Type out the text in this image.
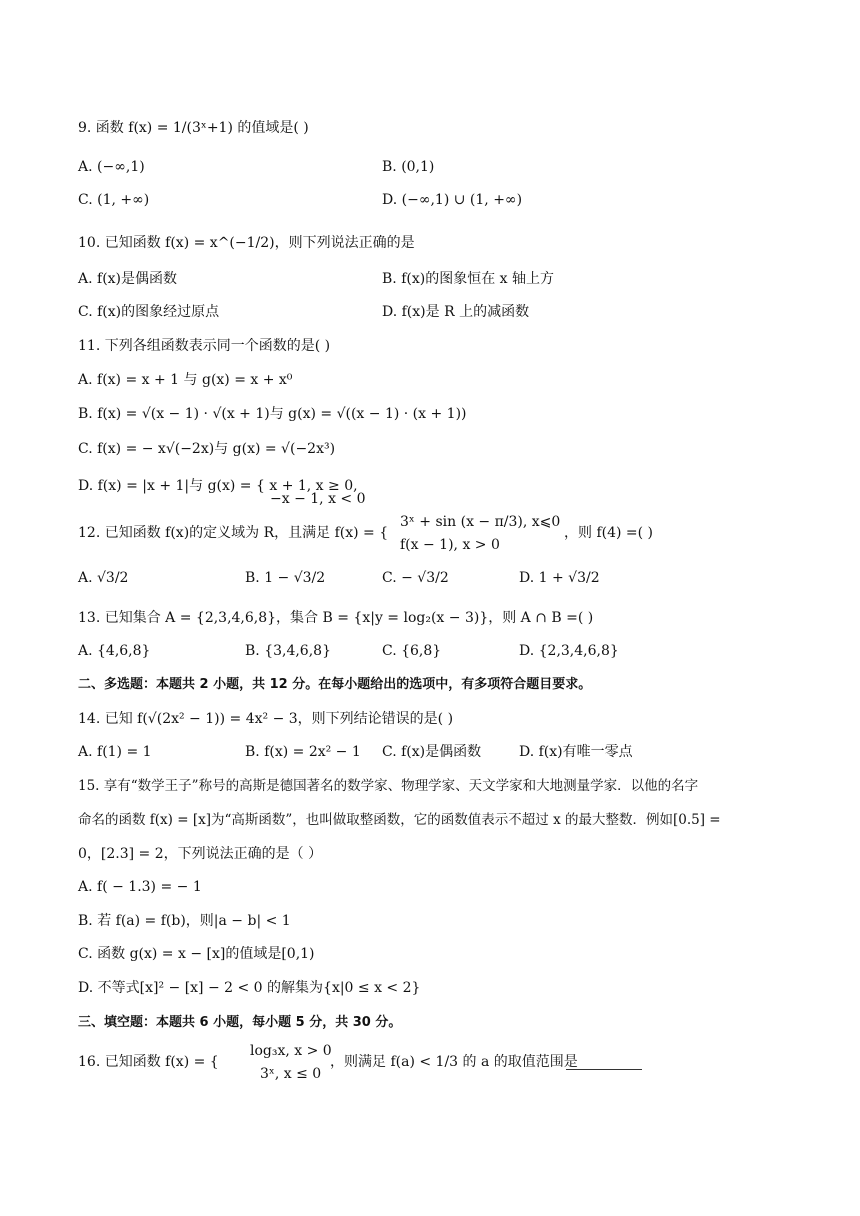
9. 函数 f(x) = 1/(3ˣ+1) 的值域是( )
A. (−∞,1)	B. (0,1)
C. (1, +∞)	D. (−∞,1) ∪ (1, +∞)
10. 已知函数 f(x) = x^(−1/2)，则下列说法正确的是
A. f(x)是偶函数	B. f(x)的图象恒在 x 轴上方
C. f(x)的图象经过原点	D. f(x)是 R 上的减函数
11. 下列各组函数表示同一个函数的是( )
A. f(x) = x + 1 与 g(x) = x + x⁰
B. f(x) = √(x − 1) · √(x + 1)与 g(x) = √((x − 1) · (x + 1))
C. f(x) = − x√(−2x)与 g(x) = √(−2x³)
D. f(x) = |x + 1|与 g(x) = { x + 1, x ≥ 0,
−x − 1, x < 0
3ˣ + sin (x − π/3), x⩽0
12. 已知函数 f(x)的定义域为 R，且满足 f(x) = {	，则 f(4) =( )
f(x − 1), x > 0
A. √3/2	B. 1 − √3/2	C. − √3/2	D. 1 + √3/2
13. 已知集合 A = {2,3,4,6,8}，集合 B = {x|y = log₂(x − 3)}，则 A ∩ B =( )
A. {4,6,8}	B. {3,4,6,8}	C. {6,8}	D. {2,3,4,6,8}
二、多选题：本题共 2 小题，共 12 分。在每小题给出的选项中，有多项符合题目要求。
14. 已知 f(√(2x² − 1)) = 4x² − 3，则下列结论错误的是( )
A. f(1) = 1	B. f(x) = 2x² − 1 C. f(x)是偶函数	D. f(x)有唯一零点
15. 享有“数学王子”称号的高斯是德国著名的数学家、物理学家、天文学家和大地测量学家．以他的名字
命名的函数 f(x) = [x]为“高斯函数”，也叫做取整函数，它的函数值表示不超过 x 的最大整数．例如[0.5] =
0，[2.3] = 2，下列说法正确的是（ ）
A. f( − 1.3) = − 1
B. 若 f(a) = f(b)，则|a − b| < 1
C. 函数 g(x) = x − [x]的值域是[0,1)
D. 不等式[x]² − [x] − 2 < 0 的解集为{x|0 ≤ x < 2}
三、填空题：本题共 6 小题，每小题 5 分，共 30 分。
log₃x, x > 0
16. 已知函数 f(x) = {	，则满足 f(a) < 1/3 的 a 的取值范围是
3ˣ, x ≤ 0
